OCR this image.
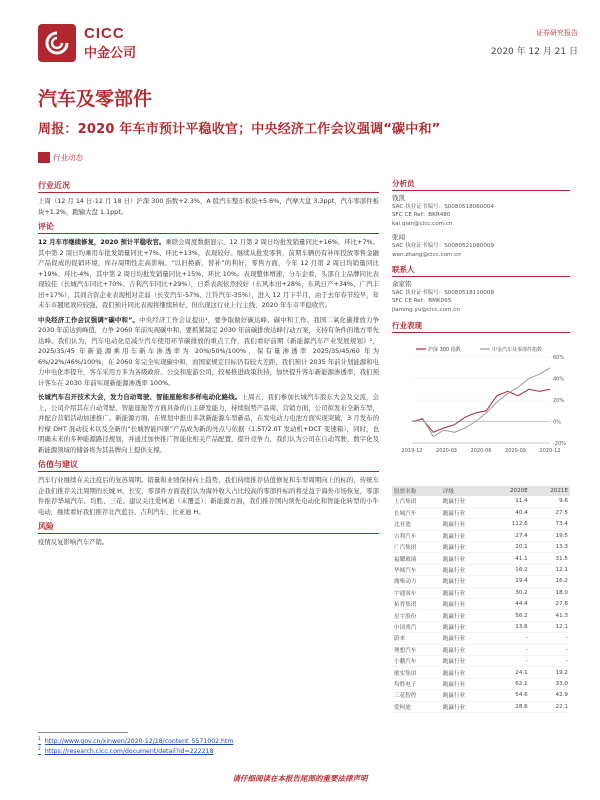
CICC
中金公司
证券研究报告
2020 年 12 月 21 日
汽车及零部件
周报：2020 年车市预计平稳收官；中央经济工作会议强调“碳中和”
行业动态
行业近况
上周（12 月 14 日-12 月 18 日）沪深 300 指数+2.3%，A 股汽车整车板块+5.6%，汽摩大盘 3.3ppt，汽车零部件板块+1.2%，跑输大盘 1.1ppt。
评论
12 月车市继续修复，2020 预计平稳收官。乘联会周度数据显示，12 月第 2 周日均批发销量同比+16%，环比+7%。其中第 2 周日均乘用车批发销量同比+7%、环比+13%，表现较好。继续从批发零售，前期车辆仍有补库投放零售金融产品促成的促销环境，库存周期性走高影响。“以旧换新，替补”的利好，零售方面，今年 12 月第 2 周日均销量同比+19%、环比-4%，其中第 2 周日均批发销量同比+15%、环比 10%。表现整体增速，分车企看，头部自主品牌同比表现较佳（长城汽车同比+70%、吉利汽车同比+29%），日系表现依然较好（东风本田+28%、东风日产+34%、广汽丰田+17%），其间合资企业表现相对走弱（长安汽车-57%、江铃汽车-35%），进入 12 月下半月，由于去年春节较早，年末车市翘尾效应较强，我们预计同比表现将继续转好，但出现这行业上行主线，2020 年车市平稳收官。
中央经济工作会议强调“碳中和”。中央经济工作会议提出¹，要争取做好碳达峰、碳中和工作。我国二氧化碳排放力争 2030 年前达到峰值，力争 2060 年前实现碳中和，要抓紧制定 2030 年前碳排放达峰行动方案，支持有条件的地方率先达峰。我们认为，汽车电动化是减少汽车使用环节碳排放的重点工作，我们看好前期《新能源汽车产业发展规划》²，2025/35/45 年新能源乘用车新车渗透率为 20%/50%/100%，保有量渗透率 2025/35/45/60 年为 6%/22%/46%/100%，在 2060 年完全实现碳中和，而国家规定目标仍有较大差距，我们预计 2035 年前计划能源和电力中电化率提升，客车采用方多为各级政府、公交和旅游公司，较易推进政策扶持，加快提升客车新能源渗透率，我们预计客车在 2030 年前实现新能源渗透率 100%。
长城汽车召开技术大会，发力自动驾驶、智能座舱和多样电动化路线。上周五，我们参加长城汽车股东大会及交流，会上，公司介绍其在自动驾驶、智能座舱等方面具备的自主研发能力，持续强势产品周，营销方面，公司拟发布全新车型，并配合营销活动加速推广。新能源方面，在规划中推出多款新能源车型新品，在发电动力电池方面实现突破，3 月发布的柠檬 DHT 混动技术以及全新的“长城智能四驱”产品成为新的亮点与依据（1.5T/2.0T 发动机+DCT 变速箱），同时，也明确未来的多种能源路径规划，并通过加快推广智能化相关产品配置，提升竞争力，我们认为公司在自动驾驶、数字化及新能源领域的储备将为其品牌向上提供支撑。
估值与建议
汽车行业继续在关注疫后的复苏周期。销量和业绩保持向上趋势，我们持续推荐估值修复和车型周期向上的标的，传统车企我们推荐关注周期的长城 H、长安、零部件方面我们认为海外收入占比较高的零部件标的将受益于海外市场恢复，零部件推荐华域汽车、均胜、三花、建议关注爱柯迪（未覆盖）；新能源方面，我们推荐国内领先电动化和智能化转型的小牛电动，继续看好我们推荐北汽蓝谷、吉利汽车、比亚迪 H。
风险
疫情反复影响汽车产销。
分析员
钱凯
SAC 执业证书编号：S0080518060004
SFC CE Ref：BKR480
kai.qian@cicc.com.cn
张闻
SAC 执业证书编号：S0080521080009
wen.zhang@cicc.com.cn
联系人
余家铭
SAC 执业证书编号：S0080518110008
SFC CE Ref：BMK065
Jiaming.yu@cicc.com.cn
行业表现
沪深 300 指数	中金汽车及零部件指数
60%
40%
20%
0%
-20%
2019-12	2020-03	2020-06	2020-09	2020-12
股票名称	评级	2020E	2021E
上汽集团	跑赢行业	11.4	9.6
长城汽车	跑赢行业	40.4	27.5
比亚迪	跑赢行业	112.6	73.4
吉利汽车	跑赢行业	27.4	19.5
广汽集团	跑赢行业	20.1	13.3
福耀玻璃	跑赢行业	41.1	31.5
华域汽车	跑赢行业	16.2	12.1
潍柴动力	跑赢行业	19.4	16.2
宇通客车	跑赢行业	30.2	18.0
拓普集团	跑赢行业	44.4	27.8
星宇股份	跑赢行业	56.2	41.3
中国重汽	跑赢行业	13.6	12.1
蔚来	跑赢行业	-	-
理想汽车	跑赢行业	-	-
小鹏汽车	跑赢行业	-	-
敏实集团	跑赢行业	24.1	19.2
均胜电子	跑赢行业	62.1	33.0
三花智控	跑赢行业	54.6	42.9
爱柯迪	跑赢行业	28.6	22.1
$^1$ http://www.gov.cn/xinwen/2020-12/18/content_5571002.htm
$^2$ https://research.cicc.com/document/detail?id=222218
请仔细阅读在本报告尾部的重要法律声明
